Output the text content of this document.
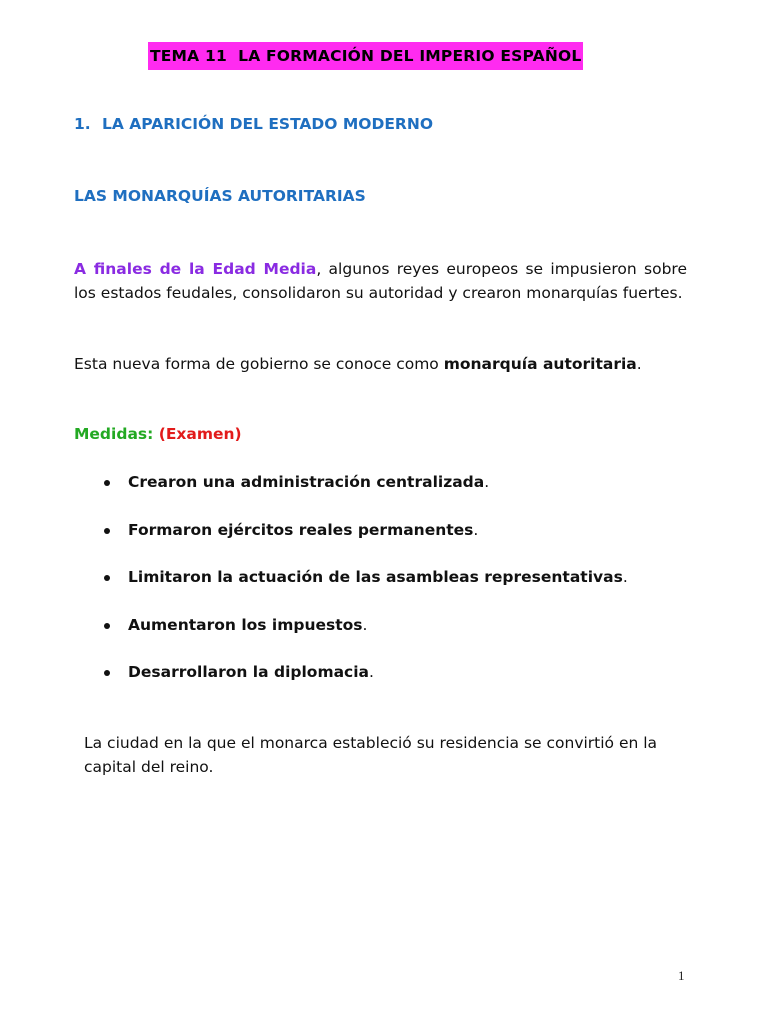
TEMA 11  LA FORMACIÓN DEL IMPERIO ESPAÑOL
1. LA APARICIÓN DEL ESTADO MODERNO
LAS MONARQUÍAS AUTORITARIAS

A finales de la Edad Media, algunos reyes europeos se impusieron sobre los estados feudales, consolidaron su autoridad y crearon monarquías fuertes.

Esta nueva forma de gobierno se conoce como monarquía autoritaria.

Medidas: (Examen)
Crearon una administración centralizada.
Formaron ejércitos reales permanentes.
Limitaron la actuación de las asambleas representativas.
Aumentaron los impuestos.
Desarrollaron la diplomacia.

La ciudad en la que el monarca estableció su residencia se convirtió en la capital del reino.

1
